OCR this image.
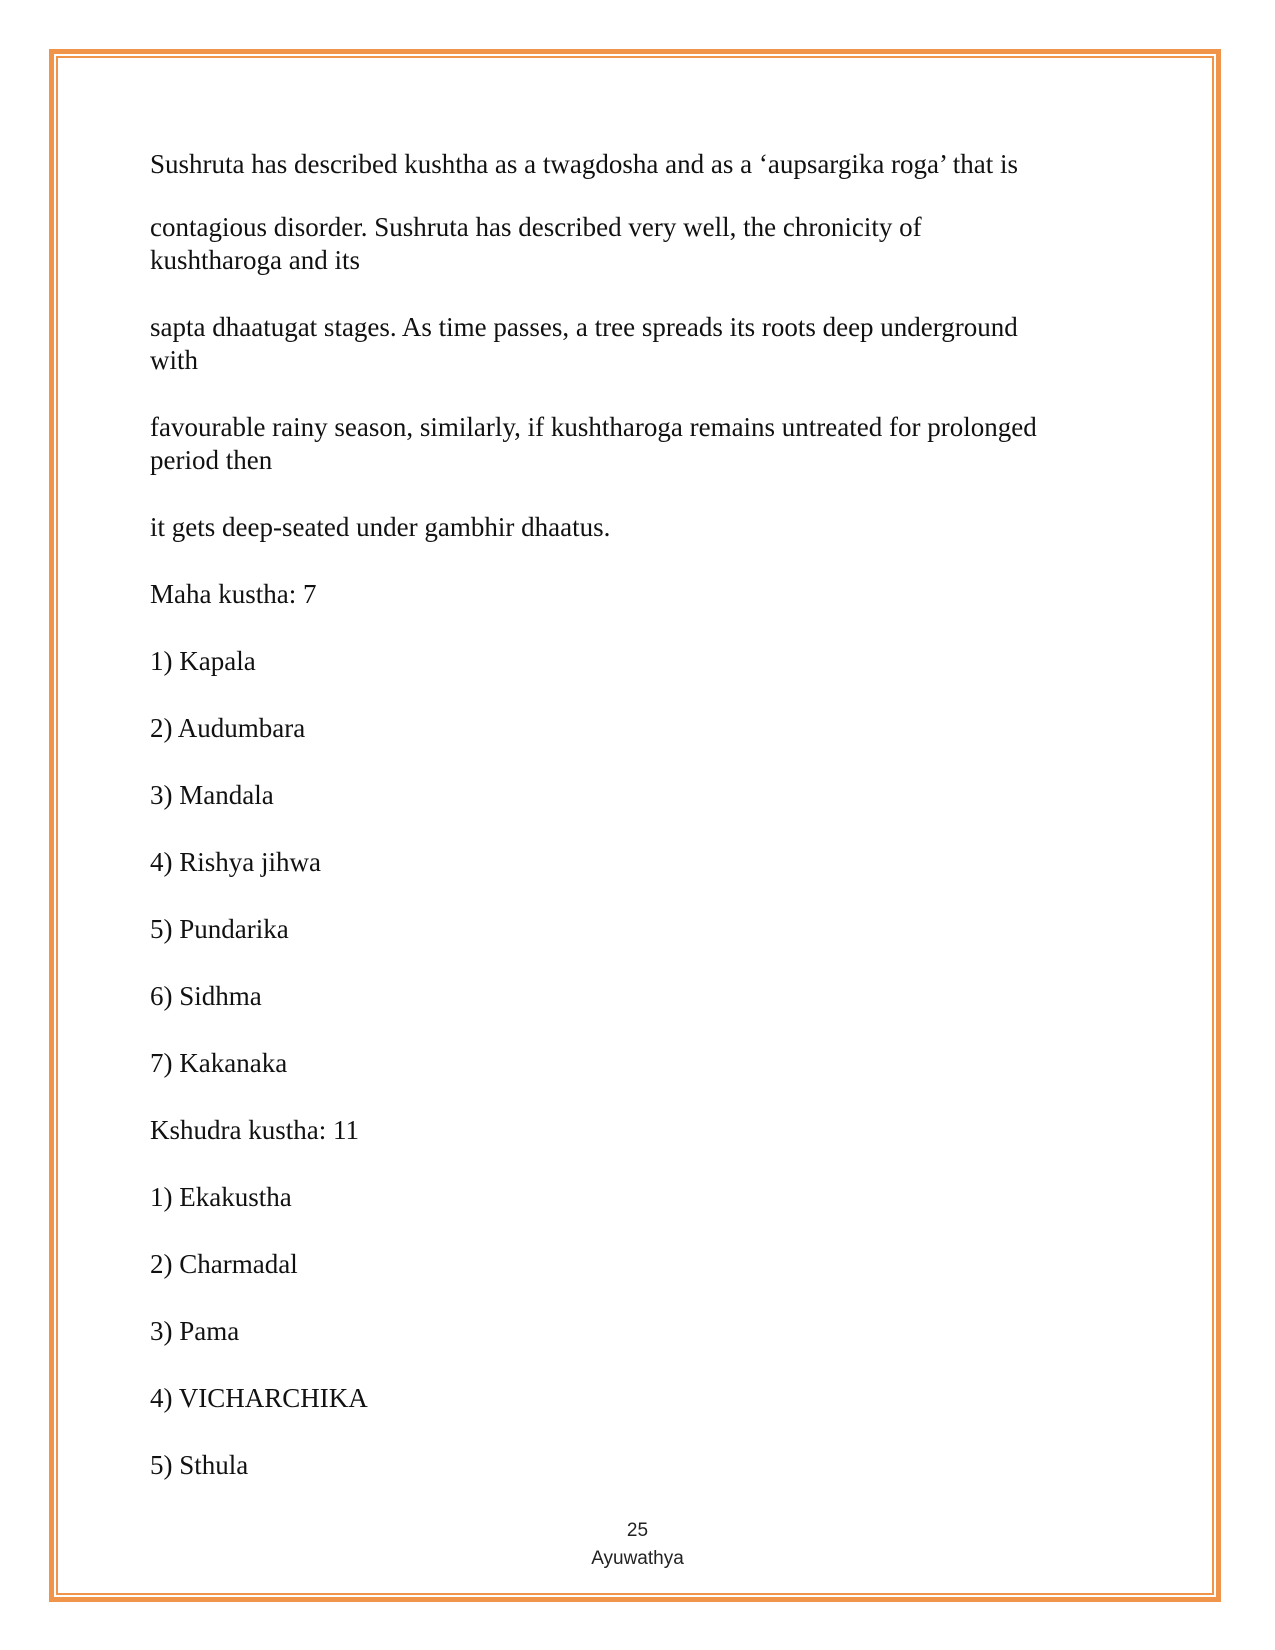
Sushruta has described kushtha as a twagdosha and as a ‘aupsargika roga’ that is

contagious disorder. Sushruta has described very well, the chronicity of kushtharoga and its

sapta dhaatugat stages. As time passes, a tree spreads its roots deep underground with

favourable rainy season, similarly, if kushtharoga remains untreated for prolonged period then

it gets deep-seated under gambhir dhaatus.

Maha kustha: 7

1) Kapala

2) Audumbara

3) Mandala

4) Rishya jihwa

5) Pundarika

6) Sidhma

7) Kakanaka

Kshudra kustha: 11

1) Ekakustha

2) Charmadal

3) Pama

4) VICHARCHIKA

5) Sthula

25
Ayuwathya
